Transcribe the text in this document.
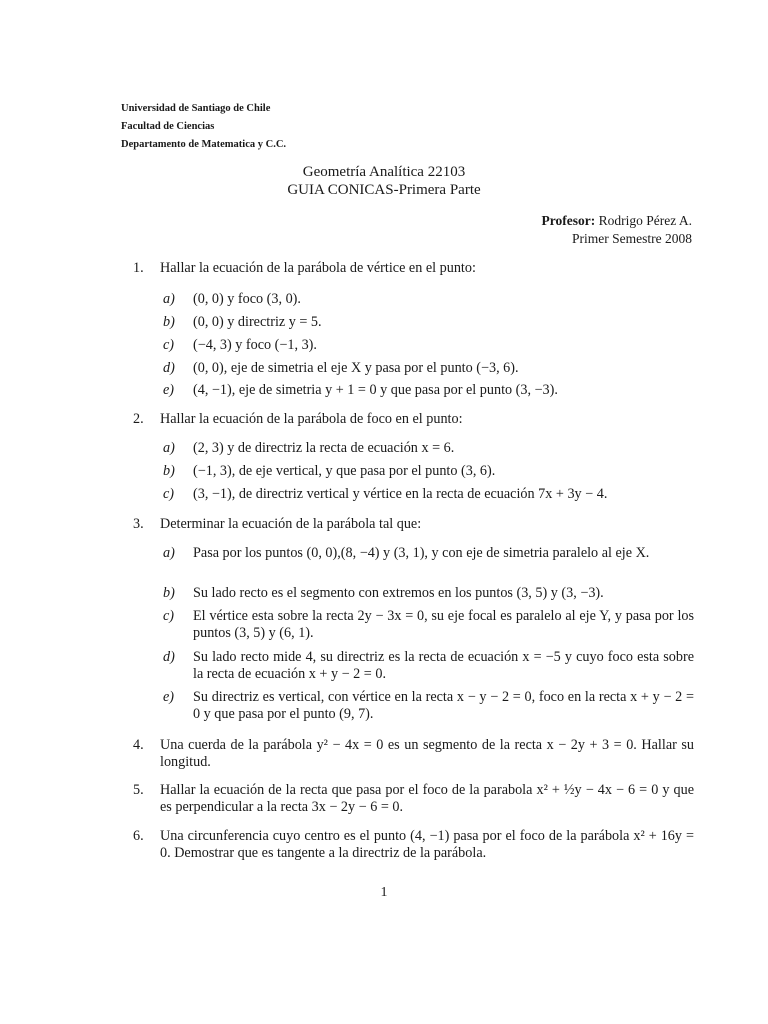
Universidad de Santiago de Chile
Facultad de Ciencias
Departamento de Matematica y C.C.
Geometría Analítica 22103
GUIA CONICAS-Primera Parte
Profesor: Rodrigo Pérez A.
Primer Semestre 2008
1.	Hallar la ecuación de la parábola de vértice en el punto:
a)	(0, 0) y foco (3, 0).
b)	(0, 0) y directriz y = 5.
c)	(−4, 3) y foco (−1, 3).
d)	(0, 0), eje de simetria el eje X y pasa por el punto (−3, 6).
e)	(4, −1), eje de simetria y + 1 = 0 y que pasa por el punto (3, −3).
2.	Hallar la ecuación de la parábola de foco en el punto:
a)	(2, 3) y de directriz la recta de ecuación x = 6.
b)	(−1, 3), de eje vertical, y que pasa por el punto (3, 6).
c)	(3, −1), de directriz vertical y vértice en la recta de ecuación 7x + 3y − 4.
3.	Determinar la ecuación de la parábola tal que:
a)	Pasa por los puntos (0, 0),(8, −4) y (3, 1), y con eje de simetria paralelo al eje X.
b)	Su lado recto es el segmento con extremos en los puntos (3, 5) y (3, −3).
c)	El vértice esta sobre la recta 2y − 3x = 0, su eje focal es paralelo al eje Y, y pasa por los puntos (3, 5) y (6, 1).
d)	Su lado recto mide 4, su directriz es la recta de ecuación x = −5 y cuyo foco esta sobre la recta de ecuación x + y − 2 = 0.
e)	Su directriz es vertical, con vértice en la recta x − y − 2 = 0, foco en la recta x + y − 2 = 0 y que pasa por el punto (9, 7).
4.	Una cuerda de la parábola y² − 4x = 0 es un segmento de la recta x − 2y + 3 = 0. Hallar su longitud.
5.	Hallar la ecuación de la recta que pasa por el foco de la parabola x² + ½y − 4x − 6 = 0 y que es perpendicular a la recta 3x − 2y − 6 = 0.
6.	Una circunferencia cuyo centro es el punto (4, −1) pasa por el foco de la parábola x² + 16y = 0. Demostrar que es tangente a la directriz de la parábola.
1
